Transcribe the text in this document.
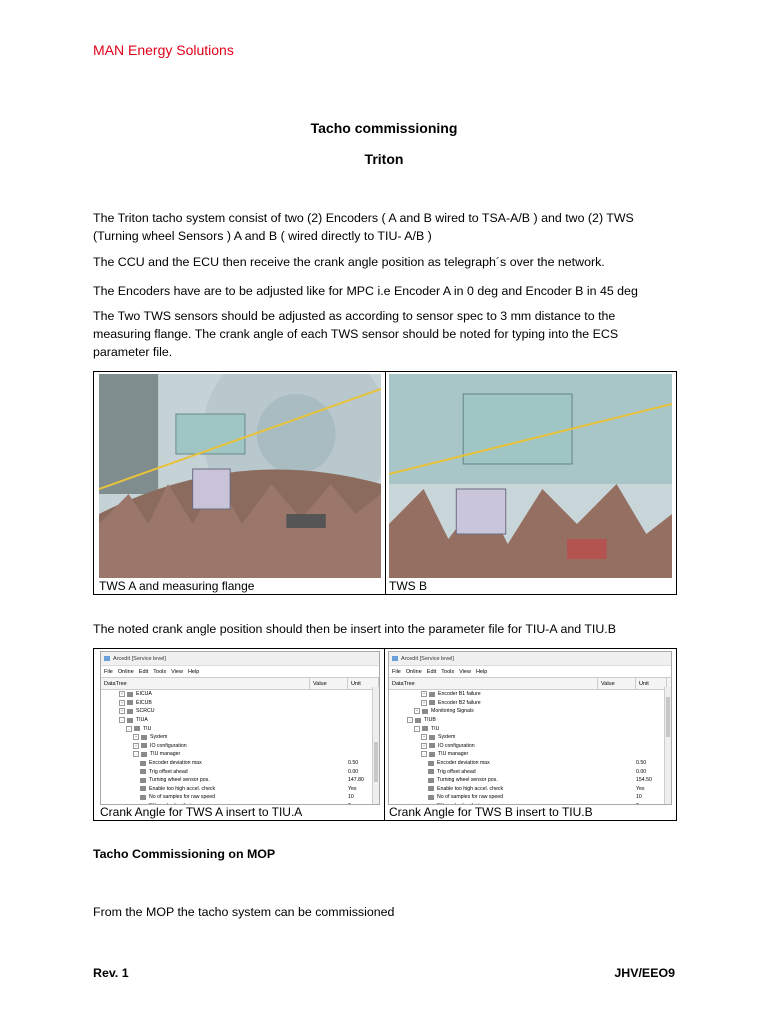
MAN Energy Solutions
Tacho commissioning
Triton
The Triton tacho system consist of two (2) Encoders ( A and B wired to TSA-A/B ) and two (2) TWS (Turning wheel Sensors ) A and B ( wired directly to TIU- A/B )
The CCU and the ECU then receive the crank angle position as telegraph´s over the network.
The Encoders have are to be adjusted like for MPC i.e Encoder A in 0 deg and Encoder B in 45 deg
The Two TWS sensors should be adjusted as according to sensor spec to 3 mm distance to the measuring flange. The crank angle of each TWS sensor should be noted for typing into the ECS parameter file.
TWS A and measuring flange	TWS B
The noted crank angle position should then be insert into the parameter file for TIU-A and TIU.B
Arcedit [Service level]
File Online Edit Tools View Help
DataTree	Value	Unit
+	EICUA
+	EICUB
+	SCRCU
-	TIUA
-	TIU
+	System
+	IO configuration
-	TIU manager
Encoder deviation max	0.50
Trig offset ahead	0.00
Turning wheel sensor pos.	147.80
Enable too high accel. check	Yes
No of samples for raw speed	10
Crank Angle for TWS A insert to TIU.A
Arcedit [Service level]
File Online Edit Tools View Help
DataTree	Value	Unit
+	Encoder B1 failure
+	Encoder B2 failure
+	Monitoring Signals
-	TIUB
-	TIU
+	System
+	IO configuration
-	TIU manager
Encoder deviation max	0.50
Trig offset ahead	0.00
Turning wheel sensor pos.	154.50
Enable too high accel. check	Yes
No of samples for raw speed	10
Crank Angle for TWS B insert to TIU.B
Tacho Commissioning on MOP
From the MOP the tacho system can be commissioned
Rev. 1	JHV/EEO9
